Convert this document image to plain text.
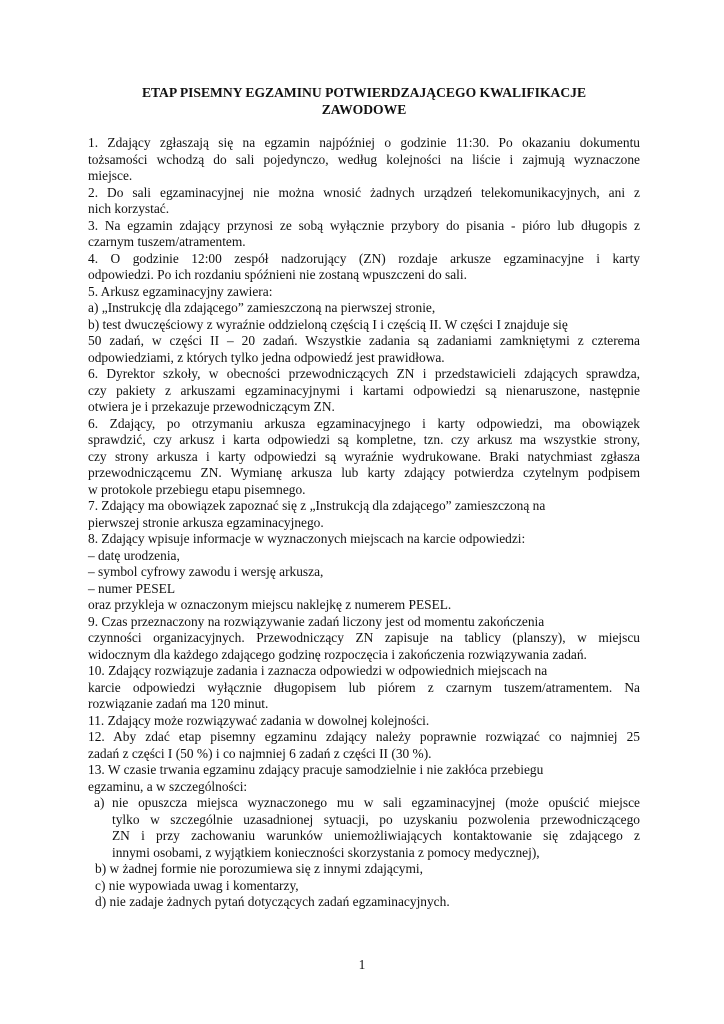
ETAP PISEMNY EGZAMINU POTWIERDZAJĄCEGO KWALIFIKACJE
ZAWODOWE
1. Zdający zgłaszają się na egzamin najpóźniej o godzinie 11:30. Po okazaniu dokumentu
tożsamości wchodzą do sali pojedynczo, według kolejności na liście i zajmują wyznaczone
miejsce.
2. Do sali egzaminacyjnej nie można wnosić żadnych urządzeń telekomunikacyjnych, ani z
nich korzystać.
3. Na egzamin zdający przynosi ze sobą wyłącznie przybory do pisania - pióro lub długopis z
czarnym tuszem/atramentem.
4. O godzinie 12:00 zespół nadzorujący (ZN) rozdaje arkusze egzaminacyjne i karty
odpowiedzi. Po ich rozdaniu spóźnieni nie zostaną wpuszczeni do sali.
5. Arkusz egzaminacyjny zawiera:
a) „Instrukcję dla zdającego” zamieszczoną na pierwszej stronie,
b) test dwuczęściowy z wyraźnie oddzieloną częścią I i częścią II. W części I znajduje się
50 zadań, w części II – 20 zadań. Wszystkie zadania są zadaniami zamkniętymi z czterema
odpowiedziami, z których tylko jedna odpowiedź jest prawidłowa.
6. Dyrektor szkoły, w obecności przewodniczących ZN i przedstawicieli zdających sprawdza,
czy pakiety z arkuszami egzaminacyjnymi i kartami odpowiedzi są nienaruszone, następnie
otwiera je i przekazuje przewodniczącym ZN.
6. Zdający, po otrzymaniu arkusza egzaminacyjnego i karty odpowiedzi, ma obowiązek
sprawdzić, czy arkusz i karta odpowiedzi są kompletne, tzn. czy arkusz ma wszystkie strony,
czy strony arkusza i karty odpowiedzi są wyraźnie wydrukowane. Braki natychmiast zgłasza
przewodniczącemu ZN. Wymianę arkusza lub karty zdający potwierdza czytelnym podpisem
w protokole przebiegu etapu pisemnego.
7. Zdający ma obowiązek zapoznać się z „Instrukcją dla zdającego” zamieszczoną na
pierwszej stronie arkusza egzaminacyjnego.
8. Zdający wpisuje informacje w wyznaczonych miejscach na karcie odpowiedzi:
– datę urodzenia,
– symbol cyfrowy zawodu i wersję arkusza,
– numer PESEL
oraz przykleja w oznaczonym miejscu naklejkę z numerem PESEL.
9. Czas przeznaczony na rozwiązywanie zadań liczony jest od momentu zakończenia
czynności organizacyjnych. Przewodniczący ZN zapisuje na tablicy (planszy), w miejscu
widocznym dla każdego zdającego godzinę rozpoczęcia i zakończenia rozwiązywania zadań.
10. Zdający rozwiązuje zadania i zaznacza odpowiedzi w odpowiednich miejscach na
karcie odpowiedzi wyłącznie długopisem lub piórem z czarnym tuszem/atramentem. Na
rozwiązanie zadań ma 120 minut.
11. Zdający może rozwiązywać zadania w dowolnej kolejności.
12. Aby zdać etap pisemny egzaminu zdający należy poprawnie rozwiązać co najmniej 25
zadań z części I (50 %) i co najmniej 6 zadań z części II (30 %).
13. W czasie trwania egzaminu zdający pracuje samodzielnie i nie zakłóca przebiegu
egzaminu, a w szczególności:
a) nie opuszcza miejsca wyznaczonego mu w sali egzaminacyjnej (może opuścić miejsce
tylko w szczególnie uzasadnionej sytuacji, po uzyskaniu pozwolenia przewodniczącego
ZN i przy zachowaniu warunków uniemożliwiających kontaktowanie się zdającego z
innymi osobami, z wyjątkiem konieczności skorzystania z pomocy medycznej),
b) w żadnej formie nie porozumiewa się z innymi zdającymi,
c) nie wypowiada uwag i komentarzy,
d) nie zadaje żadnych pytań dotyczących zadań egzaminacyjnych.
1
